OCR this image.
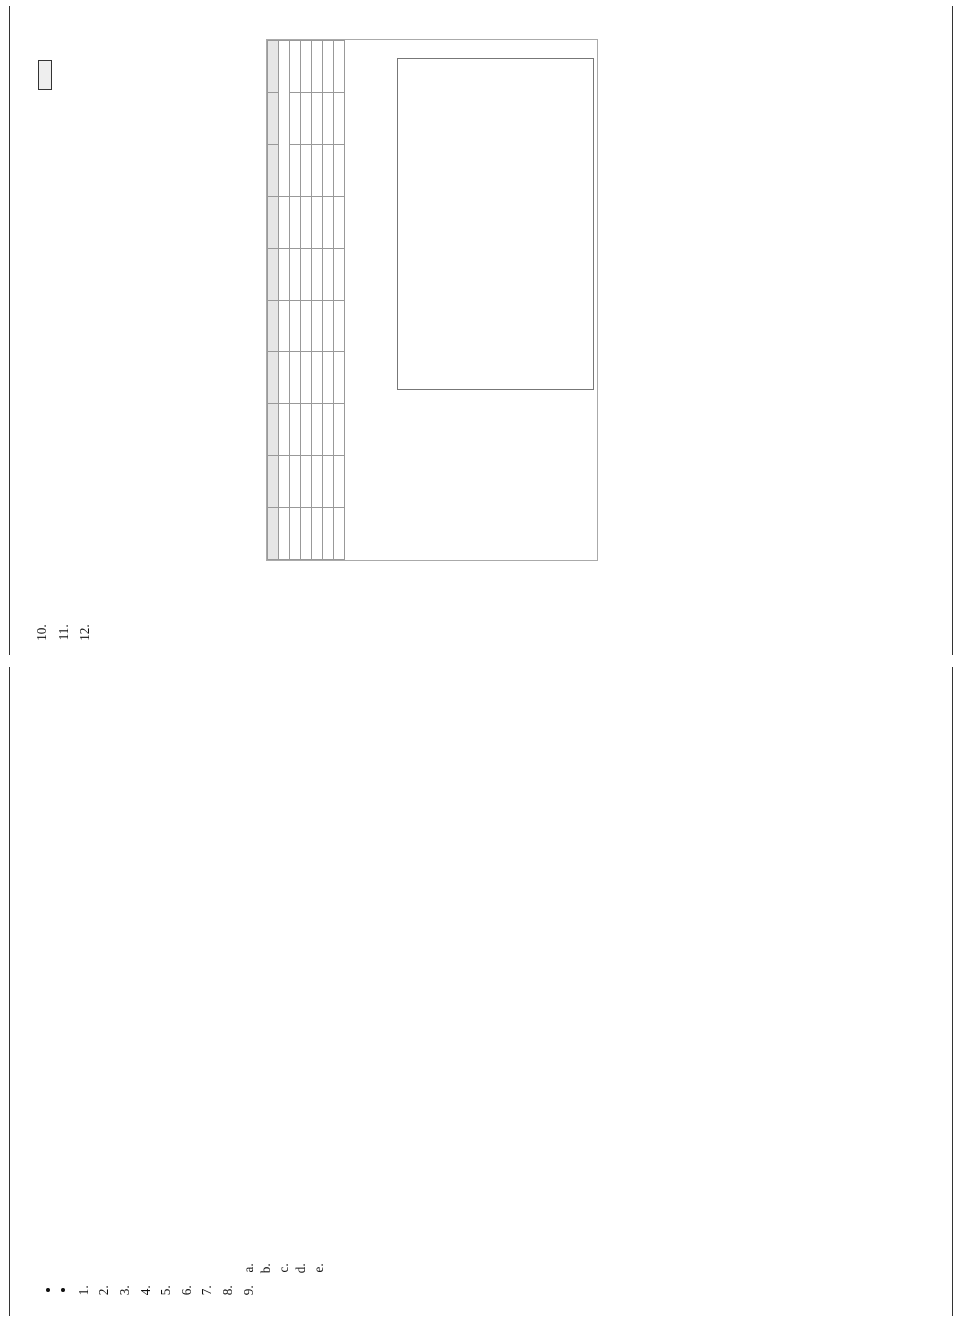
•
•
1.
2.
3.
4.
5.
6.
7.
8.
9.
a.
b.
c.
d.
e.
10.
11.
12.
